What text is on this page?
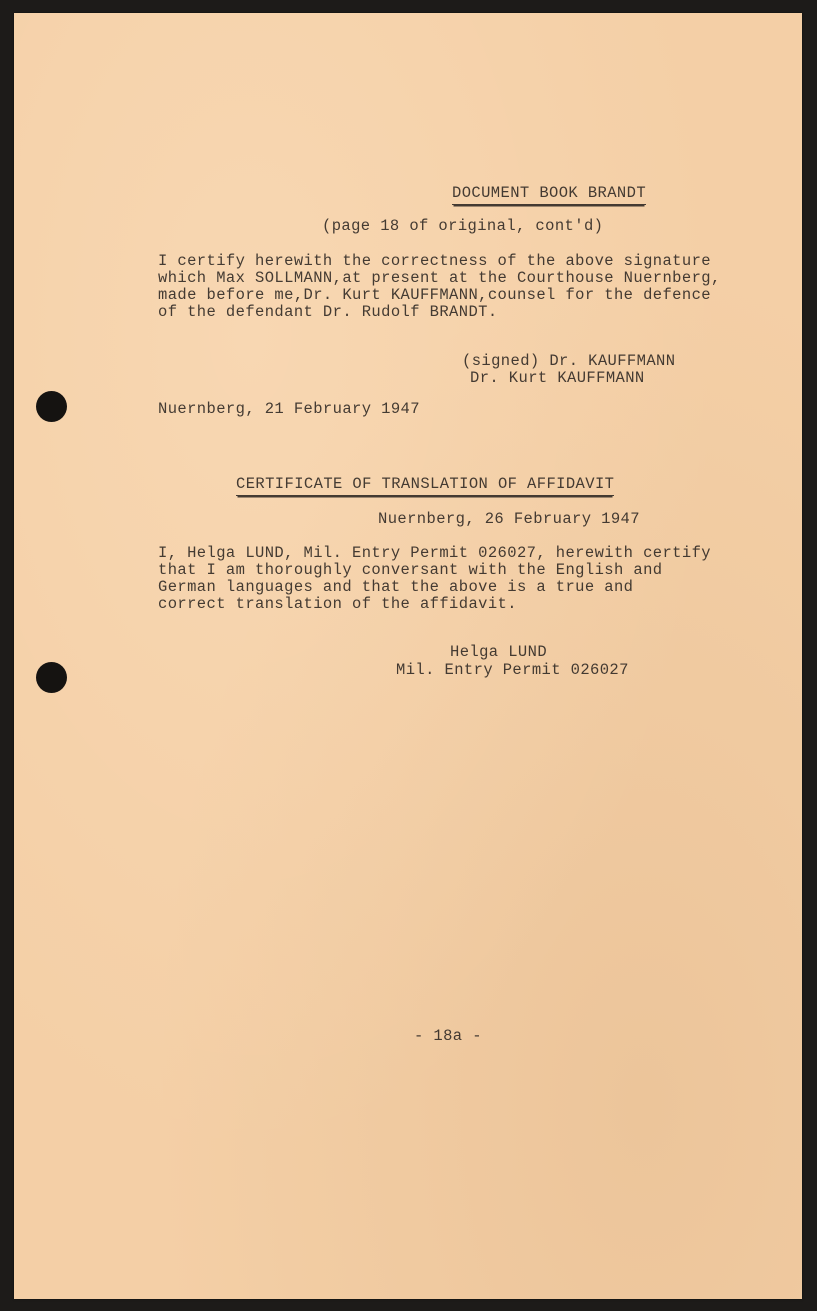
DOCUMENT BOOK BRANDT
(page 18 of original, cont'd)
I certify herewith the correctness of the above signature
which Max SOLLMANN,at present at the Courthouse Nuernberg,
made before me,Dr. Kurt KAUFFMANN,counsel for the defence
of the defendant Dr. Rudolf BRANDT.
(signed) Dr. KAUFFMANN
Dr. Kurt KAUFFMANN
Nuernberg, 21 February 1947
CERTIFICATE OF TRANSLATION OF AFFIDAVIT
Nuernberg, 26 February 1947
I, Helga LUND, Mil. Entry Permit 026027, herewith certify
that I am thoroughly conversant with the English and
German languages and that the above is a true and
correct translation of the affidavit.
Helga LUND
Mil. Entry Permit 026027
- 18a -
